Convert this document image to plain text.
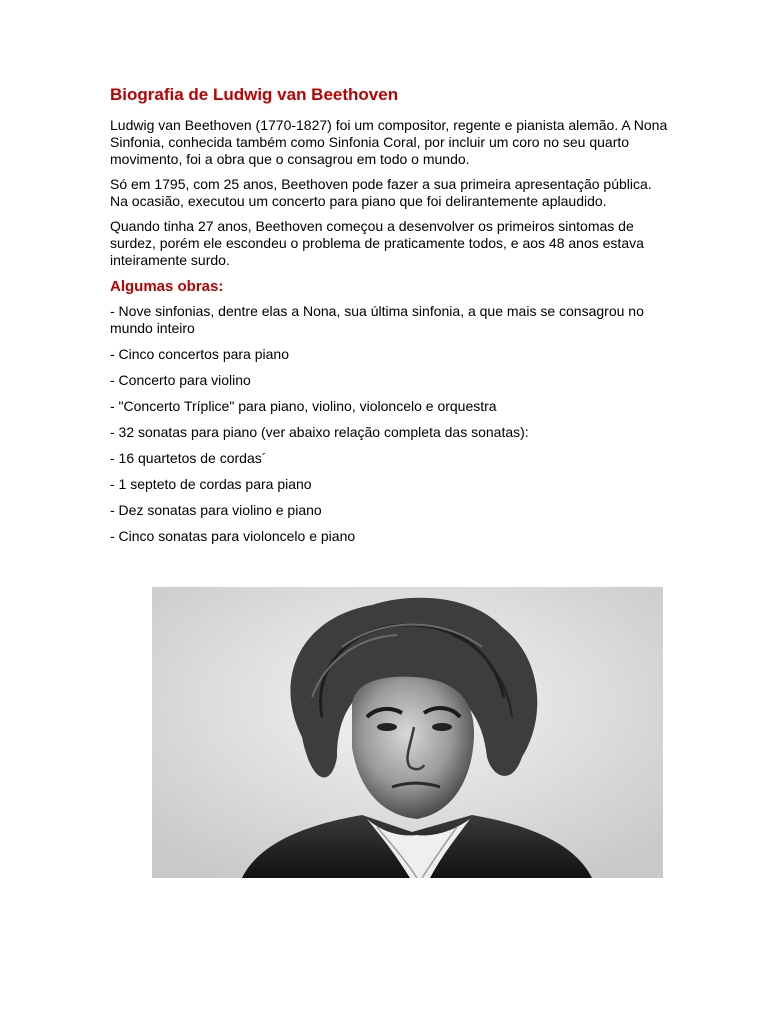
Biografia de Ludwig van Beethoven

Ludwig van Beethoven (1770-1827) foi um compositor, regente e pianista alemão. A Nona Sinfonia, conhecida também como Sinfonia Coral, por incluir um coro no seu quarto movimento, foi a obra que o consagrou em todo o mundo.

Só em 1795, com 25 anos, Beethoven pode fazer a sua primeira apresentação pública. Na ocasião, executou um concerto para piano que foi delirantemente aplaudido.

Quando tinha 27 anos, Beethoven começou a desenvolver os primeiros sintomas de surdez, porém ele escondeu o problema de praticamente todos, e aos 48 anos estava inteiramente surdo.

Algumas obras:
- Nove sinfonias, dentre elas a Nona, sua última sinfonia, a que mais se consagrou no mundo inteiro
- Cinco concertos para piano
- Concerto para violino
- "Concerto Tríplice" para piano, violino, violoncelo e orquestra
- 32 sonatas para piano (ver abaixo relação completa das sonatas):
- 16 quartetos de cordas´
- 1 septeto de cordas para piano
- Dez sonatas para violino e piano
- Cinco sonatas para violoncelo e piano
